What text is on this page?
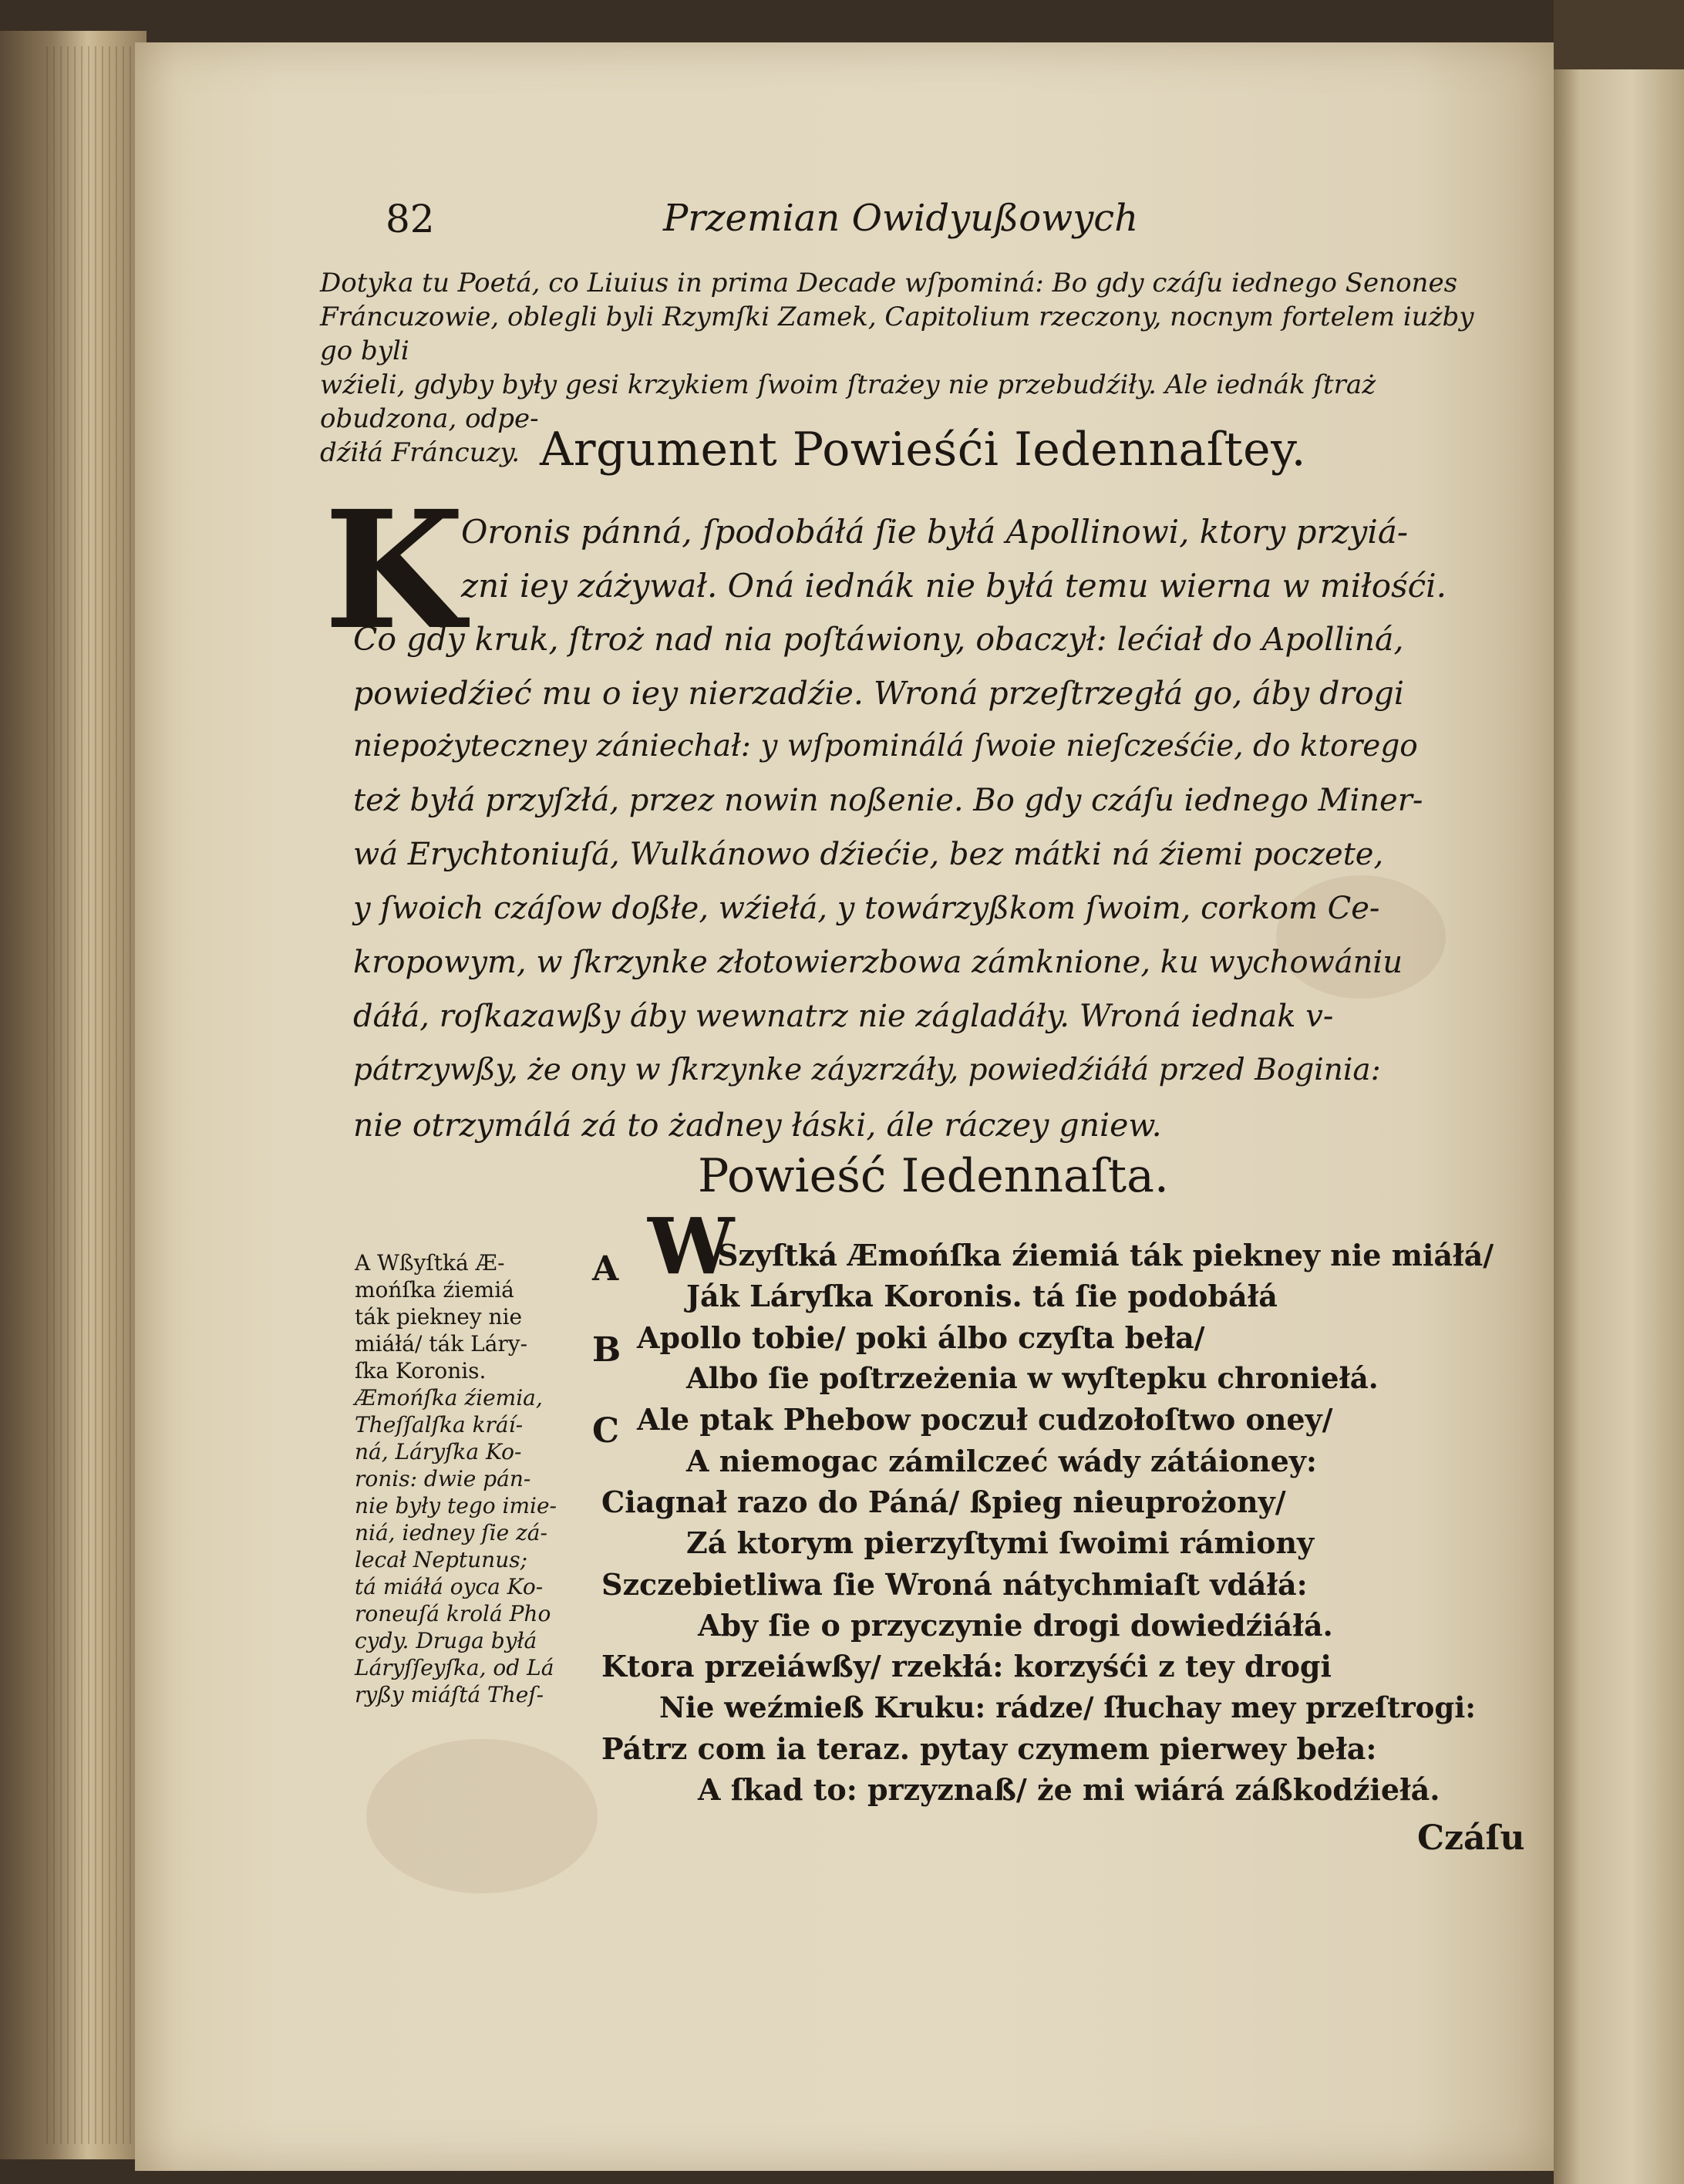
82	Przemian Owidyußowych
Dotyka tu Poetá, co Liuius in prima Decade wſpominá: Bo gdy czáſu iednego Senones
Fráncuzowie, oblegli byli Rzymſki Zamek, Capitolium rzeczony, nocnym fortelem iużby go byli
wźieli, gdyby były gesi krzykiem ſwoim ſtrażey nie przebudźiły. Ale iednák ſtraż obudzona, odpe-
dźiłá Fráncuzy. Argument Powieśći Iedennaſtey.
K
Oronis pánná, ſpodobáłá ſie byłá Apollinowi, ktory przyiá-
zni iey záżywał. Oná iednák nie byłá temu wierna w miłośći.
Co gdy kruk, ſtroż nad nia poſtáwiony, obaczył: lećiał do Apolliná,
powiedźieć mu o iey nierzadźie. Wroná przeſtrzegłá go, áby drogi
niepożyteczney zániechał: y wſpominálá ſwoie nieſcześćie, do ktorego
też byłá przyſzłá, przez nowin noßenie. Bo gdy czáſu iednego Miner-
wá Erychtoniuſá, Wulkánowo dźiećie, bez mátki ná źiemi poczete,
y ſwoich czáſow doßłe, wźiełá, y towárzyßkom ſwoim, corkom Ce-
kropowym, w ſkrzynke złotowierzbowa zámknione, ku wychowániu
dáłá, roſkazawßy áby wewnatrz nie zágladáły. Wroná iednak v-
pátrzywßy, że ony w ſkrzynke záyzrzáły, powiedźiáłá przed Boginia:
nie otrzymálá zá to żadney łáski, ále ráczey gniew.
Powieść Iedennaſta.
A Wßyſtká Æ-
mońſka źiemiá
ták piekney nie
miáłá/ ták Láry-
ſka Koronis.
Æmońſka źiemia,
Theſſalſka kráí-
ná, Láryſka Ko-
ronis: dwie pán-
nie były tego imie-
niá, iedney ſie zá-
lecał Neptunus;
tá miáłá oyca Ko-
roneuſá krolá Pho
cydy. Druga byłá
Láryſſeyſka, od Lá
ryßy miáſtá Theſ-
A
B
C
W
Szyſtká Æmońſka źiemiá ták piekney nie miáłá/
Ják Láryſka Koronis. tá ſie podobáłá
Apollo tobie/ poki álbo czyſta beła/
Albo ſie poſtrzeżenia w wyſtepku chroniełá.
Ale ptak Phebow poczuł cudzołoſtwo oney/
A niemogac zámilczeć wády zátáioney:
Ciagnał razo do Páná/ ßpieg nieuprożony/
Zá ktorym pierzyſtymi ſwoimi rámiony
Szczebietliwa ſie Wroná nátychmiaſt vdáłá:
Aby ſie o przyczynie drogi dowiedźiáłá.
Ktora przeiáwßy/ rzekłá: korzyśći z tey drogi
Nie weźmieß Kruku: rádze/ ſłuchay mey przeſtrogi:
Pátrz com ia teraz. pytay czymem pierwey beła:
A ſkad to: przyznaß/ że mi wiárá záßkodźiełá.
Czáſu
